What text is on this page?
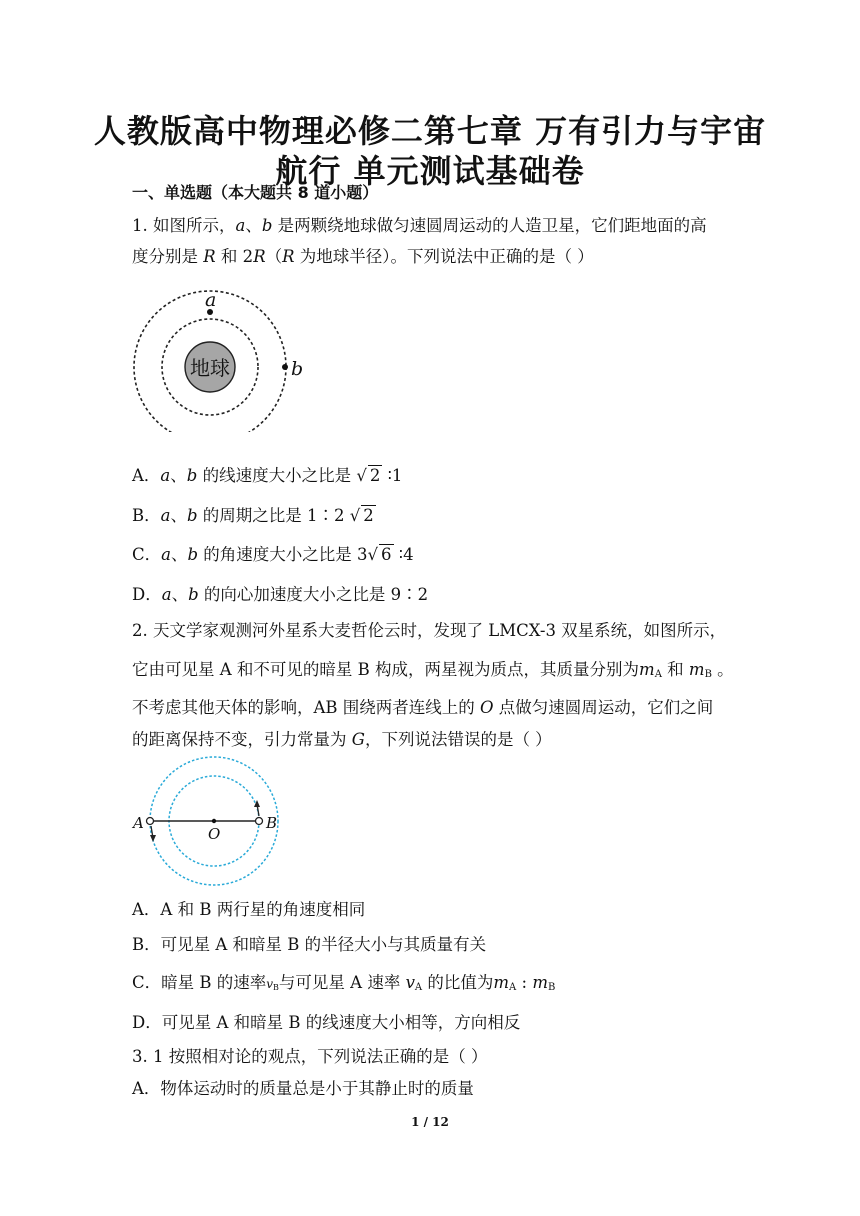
人教版高中物理必修二第七章 万有引力与宇宙
航行 单元测试基础卷
一、单选题（本大题共 8 道小题）
1. 如图所示，a、b 是两颗绕地球做匀速圆周运动的人造卫星，它们距地面的高
度分别是 R 和 2R（R 为地球半径）。下列说法中正确的是（ ）
地球
a
b
A．a、b 的线速度大小之比是 √ 2 ∶1
B．a、b 的周期之比是 1∶2 √ 2
C．a、b 的角速度大小之比是 3√ 6 ∶4
D．a、b 的向心加速度大小之比是 9∶2
2. 天文学家观测河外星系大麦哲伦云时，发现了 LMCX-3 双星系统，如图所示，
它由可见星 A 和不可见的暗星 B 构成，两星视为质点，其质量分别为$m_A$ 和 $m_B$ 。
不考虑其他天体的影响，AB 围绕两者连线上的 O 点做匀速圆周运动，它们之间
的距离保持不变，引力常量为 G，下列说法错误的是（ ）
A
O
B
A．A 和 B 两行星的角速度相同
B．可见星 A 和暗星 B 的半径大小与其质量有关
C．暗星 B 的速率$v_B$与可见星 A 速率 $v_A$ 的比值为$m_A$ : $m_B$
D．可见星 A 和暗星 B 的线速度大小相等，方向相反
3. 1 按照相对论的观点，下列说法正确的是（ ）
A．物体运动时的质量总是小于其静止时的质量
1 / 12
